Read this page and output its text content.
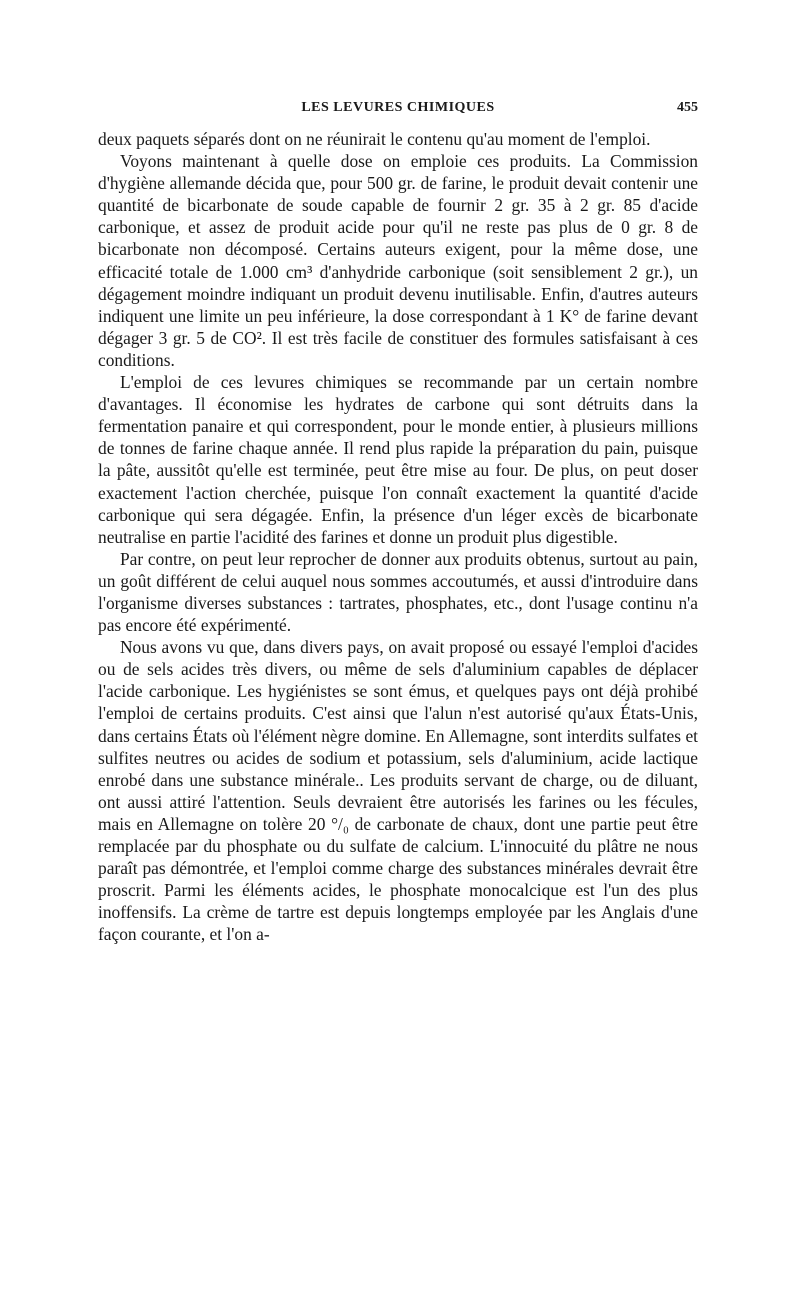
LES LEVURES CHIMIQUES	455

deux paquets séparés dont on ne réunirait le contenu qu'au moment de l'emploi.

Voyons maintenant à quelle dose on emploie ces produits. La Commission d'hygiène allemande décida que, pour 500 gr. de farine, le produit devait contenir une quantité de bicarbonate de soude capable de fournir 2 gr. 35 à 2 gr. 85 d'acide carbonique, et assez de produit acide pour qu'il ne reste pas plus de 0 gr. 8 de bicarbonate non décomposé. Certains auteurs exigent, pour la même dose, une efficacité totale de 1.000 cm³ d'anhydride carbonique (soit sensiblement 2 gr.), un dégagement moindre indiquant un produit devenu inutilisable. Enfin, d'autres auteurs indiquent une limite un peu inférieure, la dose correspondant à 1 K° de farine devant dégager 3 gr. 5 de CO². Il est très facile de constituer des formules satisfaisant à ces conditions.

L'emploi de ces levures chimiques se recommande par un certain nombre d'avantages. Il économise les hydrates de carbone qui sont détruits dans la fermentation panaire et qui correspondent, pour le monde entier, à plusieurs millions de tonnes de farine chaque année. Il rend plus rapide la préparation du pain, puisque la pâte, aussitôt qu'elle est terminée, peut être mise au four. De plus, on peut doser exactement l'action cherchée, puisque l'on connaît exactement la quantité d'acide carbonique qui sera dégagée. Enfin, la présence d'un léger excès de bicarbonate neutralise en partie l'acidité des farines et donne un produit plus digestible.

Par contre, on peut leur reprocher de donner aux produits obtenus, surtout au pain, un goût différent de celui auquel nous sommes accoutumés, et aussi d'introduire dans l'organisme diverses substances : tartrates, phosphates, etc., dont l'usage continu n'a pas encore été expérimenté.

Nous avons vu que, dans divers pays, on avait proposé ou essayé l'emploi d'acides ou de sels acides très divers, ou même de sels d'aluminium capables de déplacer l'acide carbonique. Les hygiénistes se sont émus, et quelques pays ont déjà prohibé l'emploi de certains produits. C'est ainsi que l'alun n'est autorisé qu'aux États-Unis, dans certains États où l'élément nègre domine. En Allemagne, sont interdits sulfates et sulfites neutres ou acides de sodium et potassium, sels d'aluminium, acide lactique enrobé dans une substance minérale.. Les produits servant de charge, ou de diluant, ont aussi attiré l'attention. Seuls devraient être autorisés les farines ou les fécules, mais en Allemagne on tolère 20 °/₀ de carbonate de chaux, dont une partie peut être remplacée par du phosphate ou du sulfate de calcium. L'innocuité du plâtre ne nous paraît pas démontrée, et l'emploi comme charge des substances minérales devrait être proscrit. Parmi les éléments acides, le phosphate monocalcique est l'un des plus inoffensifs. La crème de tartre est depuis longtemps employée par les Anglais d'une façon courante, et l'on a-
